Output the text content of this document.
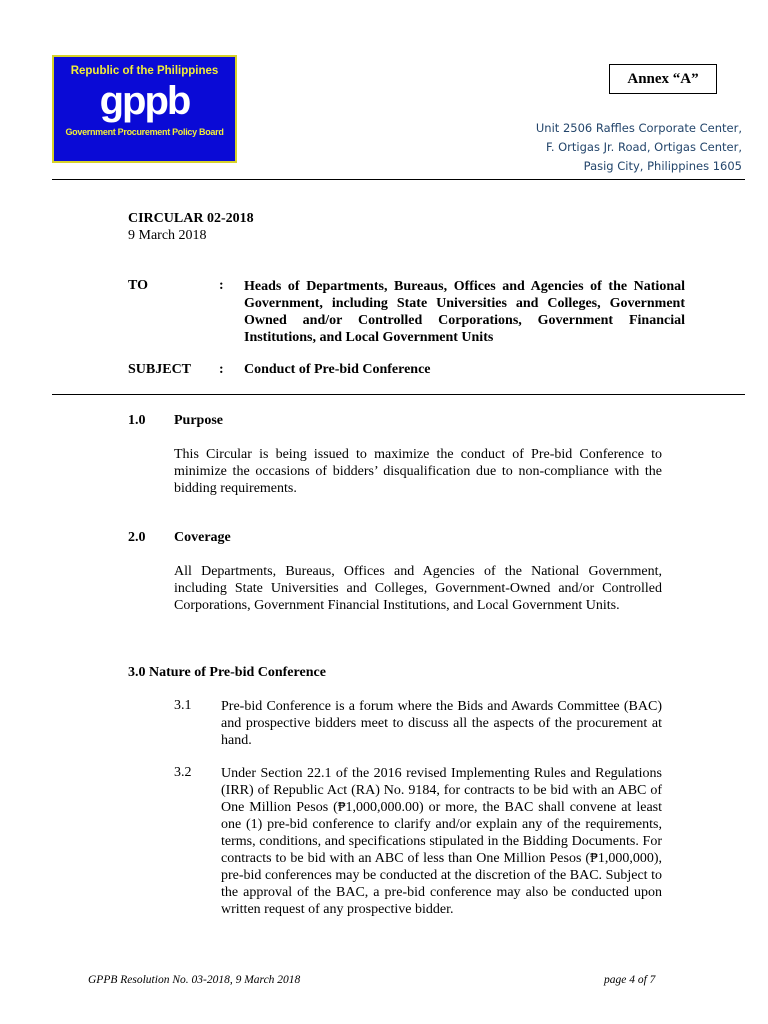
Republic of the Philippines
gppb
Government Procurement Policy Board
Annex “A”
Unit 2506 Raffles Corporate Center,
F. Ortigas Jr. Road, Ortigas Center,
Pasig City, Philippines 1605
CIRCULAR 02-2018
9 March 2018
TO	: Heads of Departments, Bureaus, Offices and Agencies of the National Government, including State Universities and Colleges, Government Owned and/or Controlled Corporations, Government Financial Institutions, and Local Government Units
SUBJECT : Conduct of Pre-bid Conference
1.0 Purpose
This Circular is being issued to maximize the conduct of Pre-bid Conference to minimize the occasions of bidders’ disqualification due to non-compliance with the bidding requirements.
2.0 Coverage
All Departments, Bureaus, Offices and Agencies of the National Government, including State Universities and Colleges, Government-Owned and/or Controlled Corporations, Government Financial Institutions, and Local Government Units.
3.0 Nature of Pre-bid Conference
3.1 Pre-bid Conference is a forum where the Bids and Awards Committee (BAC) and prospective bidders meet to discuss all the aspects of the procurement at hand.
3.2 Under Section 22.1 of the 2016 revised Implementing Rules and Regulations (IRR) of Republic Act (RA) No. 9184, for contracts to be bid with an ABC of One Million Pesos (₱1,000,000.00) or more, the BAC shall convene at least one (1) pre-bid conference to clarify and/or explain any of the requirements, terms, conditions, and specifications stipulated in the Bidding Documents. For contracts to be bid with an ABC of less than One Million Pesos (₱1,000,000), pre-bid conferences may be conducted at the discretion of the BAC. Subject to the approval of the BAC, a pre-bid conference may also be conducted upon written request of any prospective bidder.
GPPB Resolution No. 03-2018, 9 March 2018	page 4 of 7
